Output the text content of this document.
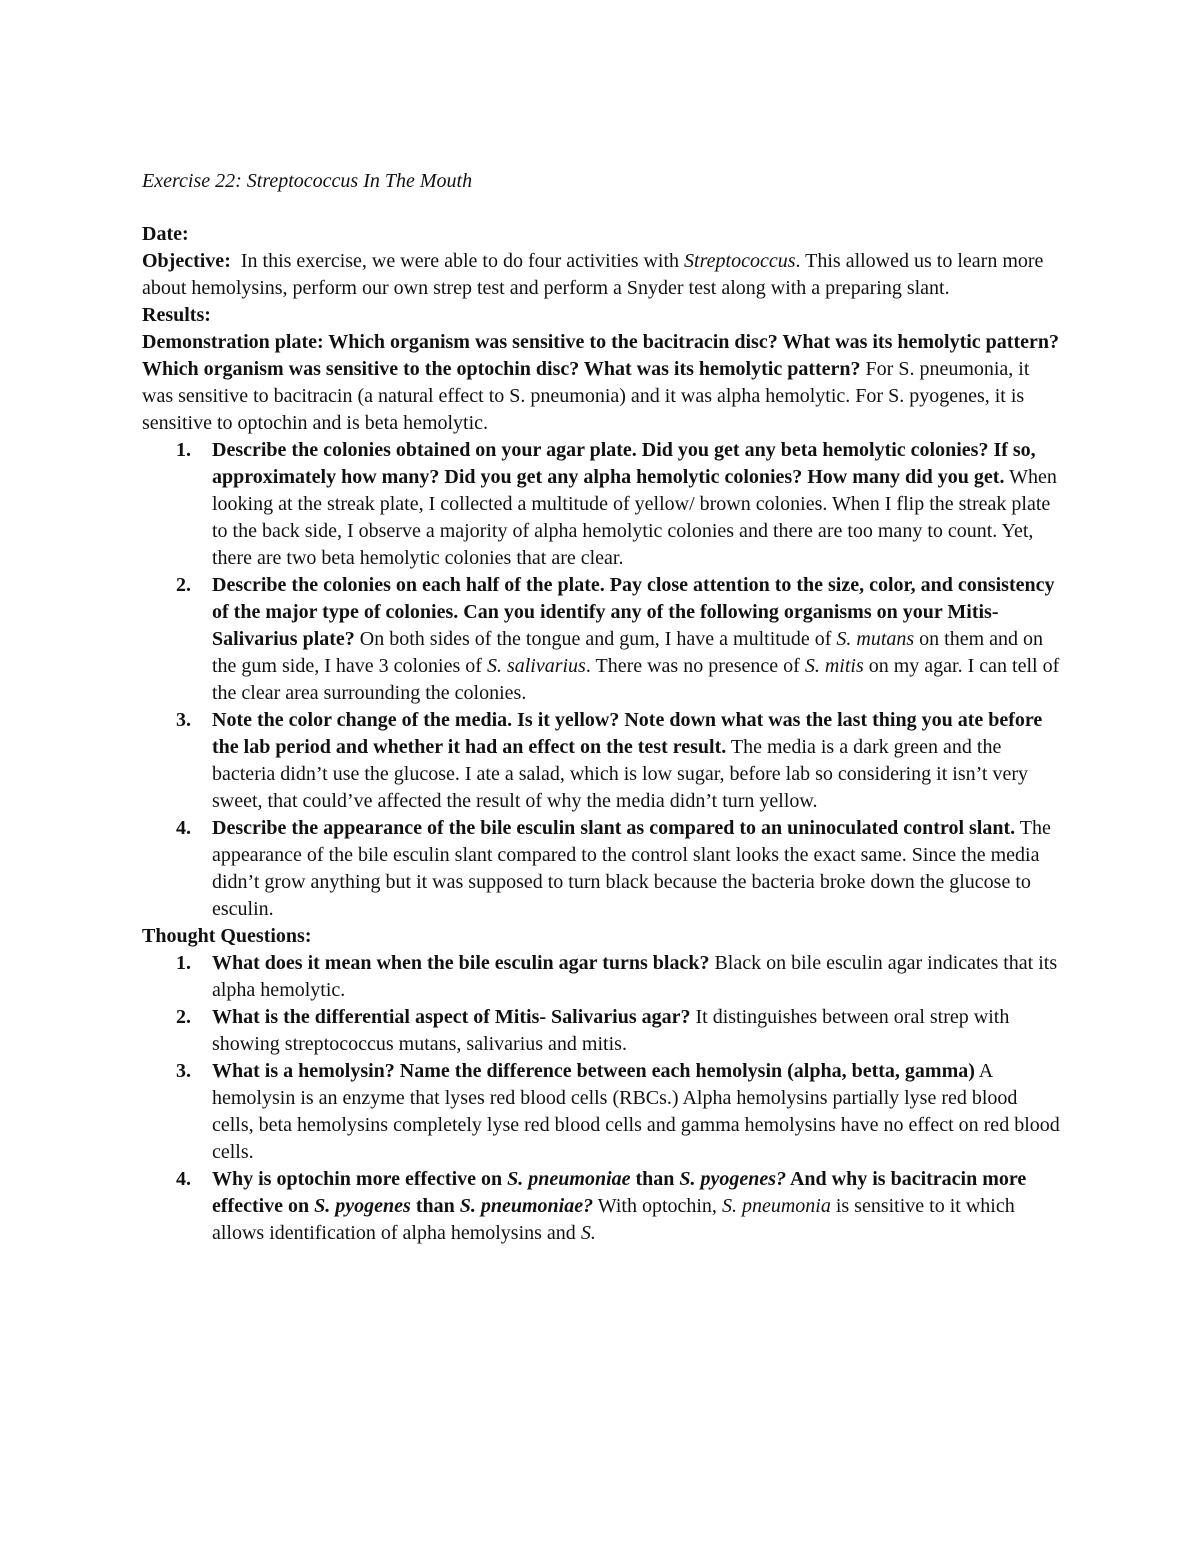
Exercise 22: Streptococcus In The Mouth

Date:

Objective: In this exercise, we were able to do four activities with Streptococcus. This allowed us to learn more about hemolysins, perform our own strep test and perform a Snyder test along with a preparing slant.

Results:

Demonstration plate: Which organism was sensitive to the bacitracin disc? What was its hemolytic pattern? Which organism was sensitive to the optochin disc? What was its hemolytic pattern? For S. pneumonia, it was sensitive to bacitracin (a natural effect to S. pneumonia) and it was alpha hemolytic. For S. pyogenes, it is sensitive to optochin and is beta hemolytic.

1. Describe the colonies obtained on your agar plate. Did you get any beta hemolytic colonies? If so, approximately how many? Did you get any alpha hemolytic colonies? How many did you get. When looking at the streak plate, I collected a multitude of yellow/ brown colonies. When I flip the streak plate to the back side, I observe a majority of alpha hemolytic colonies and there are too many to count. Yet, there are two beta hemolytic colonies that are clear.
2. Describe the colonies on each half of the plate. Pay close attention to the size, color, and consistency of the major type of colonies. Can you identify any of the following organisms on your Mitis- Salivarius plate? On both sides of the tongue and gum, I have a multitude of S. mutans on them and on the gum side, I have 3 colonies of S. salivarius. There was no presence of S. mitis on my agar. I can tell of the clear area surrounding the colonies.
3. Note the color change of the media. Is it yellow? Note down what was the last thing you ate before the lab period and whether it had an effect on the test result. The media is a dark green and the bacteria didn’t use the glucose. I ate a salad, which is low sugar, before lab so considering it isn’t very sweet, that could’ve affected the result of why the media didn’t turn yellow.
4. Describe the appearance of the bile esculin slant as compared to an uninoculated control slant. The appearance of the bile esculin slant compared to the control slant looks the exact same. Since the media didn’t grow anything but it was supposed to turn black because the bacteria broke down the glucose to esculin.

Thought Questions:

1. What does it mean when the bile esculin agar turns black? Black on bile esculin agar indicates that its alpha hemolytic.
2. What is the differential aspect of Mitis- Salivarius agar? It distinguishes between oral strep with showing streptococcus mutans, salivarius and mitis.
3. What is a hemolysin? Name the difference between each hemolysin (alpha, betta, gamma) A hemolysin is an enzyme that lyses red blood cells (RBCs.) Alpha hemolysins partially lyse red blood cells, beta hemolysins completely lyse red blood cells and gamma hemolysins have no effect on red blood cells.
4. Why is optochin more effective on S. pneumoniae than S. pyogenes? And why is bacitracin more effective on S. pyogenes than S. pneumoniae? With optochin, S. pneumonia is sensitive to it which allows identification of alpha hemolysins and S.
